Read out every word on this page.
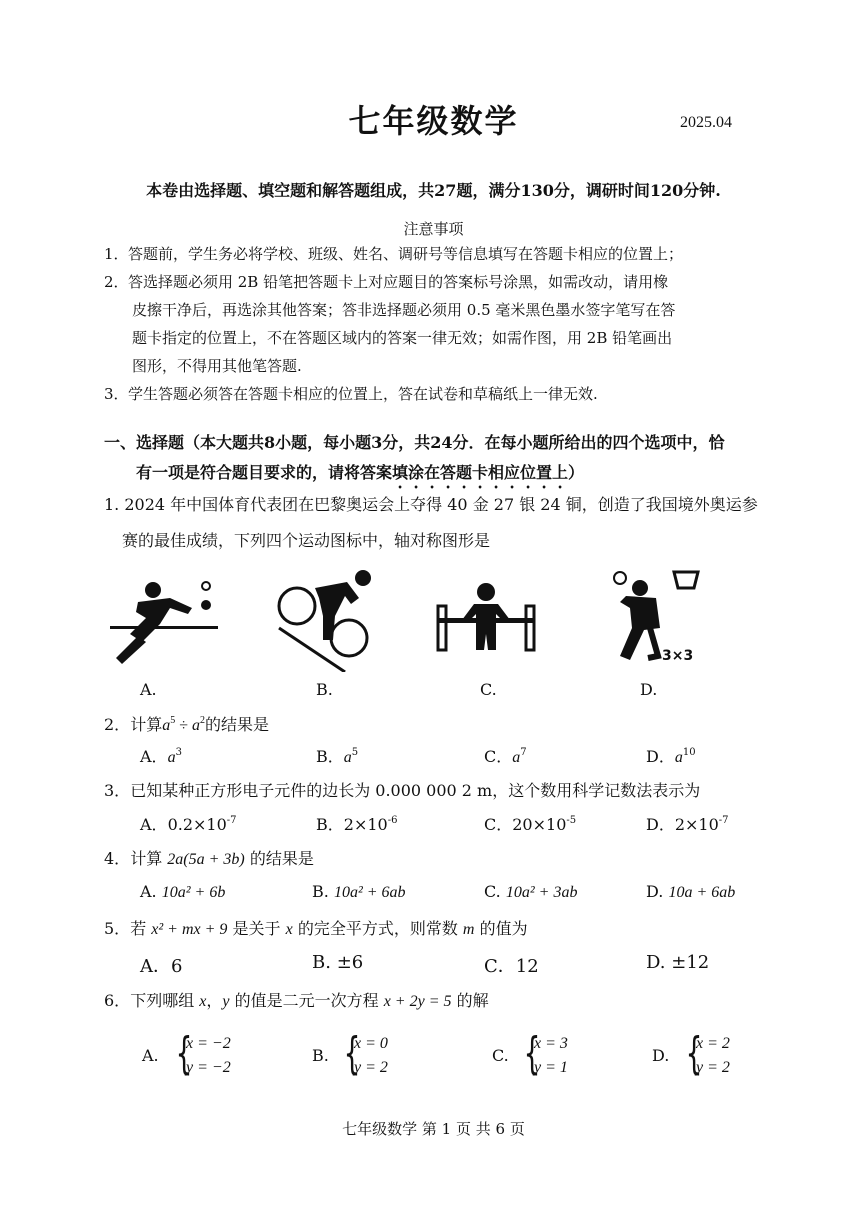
七年级数学	2025.04
本卷由选择题、填空题和解答题组成，共27题，满分130分，调研时间120分钟.
注意事项
1．答题前，学生务必将学校、班级、姓名、调研号等信息填写在答题卡相应的位置上；
2．答选择题必须用 2B 铅笔把答题卡上对应题目的答案标号涂黑，如需改动，请用橡
皮擦干净后，再选涂其他答案；答非选择题必须用 0.5 毫米黑色墨水签字笔写在答
题卡指定的位置上，不在答题区域内的答案一律无效；如需作图，用 2B 铅笔画出
图形，不得用其他笔答题.
3．学生答题必须答在答题卡相应的位置上，答在试卷和草稿纸上一律无效.
一、选择题（本大题共8小题，每小题3分，共24分．在每小题所给出的四个选项中，恰
有一项是符合题目要求的，请将答案填涂在答题卡相应位置上）
1. 2024 年中国体育代表团在巴黎奥运会上夺得 40 金 27 银 24 铜，创造了我国境外奥运参
赛的最佳成绩，下列四个运动图标中，轴对称图形是
3×3
A.	B.	C.	D.
2．计算$a^5 \div a^2$的结果是
A．$a^3$	B．$a^5$	C．$a^7$	D．$a^{10}$
3．已知某种正方形电子元件的边长为 0.000 000 2 m，这个数用科学记数法表示为
A．$0.2\times 10^{-7}$	B．$2\times 10^{-6}$	C．$20\times 10^{-5}$	D．$2\times 10^{-7}$
4．计算 2a(5a + 3b) 的结果是
A. 10a² + 6b	B. 10a² + 6ab	C. 10a² + 3ab	D. 10a + 6ab
5．若 x² + mx + 9 是关于 x 的完全平方式，则常数 m 的值为
A．6	B. ±6	C．12	D. ±12
6．下列哪组 x，y 的值是二元一次方程 x + 2y = 5 的解
A. {
x = −2
y = −2
B. {
x = 0
y = 2
C. {
x = 3
y = 1
D. {
x = 2
y = 2
七年级数学 第 1 页 共 6 页
